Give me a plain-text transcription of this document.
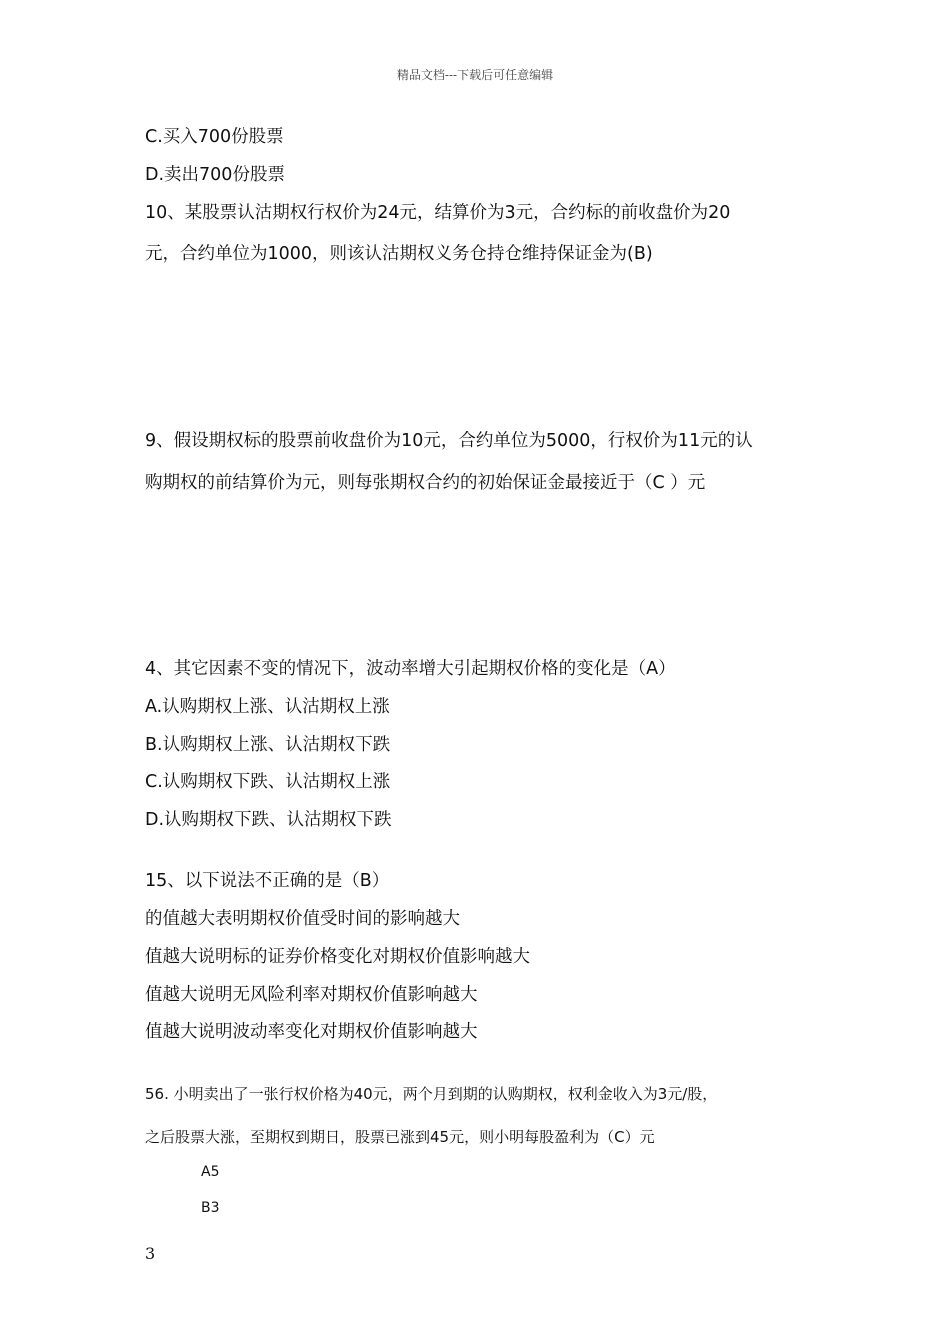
精品文档---下载后可任意编辑
C.买入700份股票
D.卖出700份股票
10、某股票认沽期权行权价为24元，结算价为3元，合约标的前收盘价为20
元，合约单位为1000，则该认沽期权义务仓持仓维持保证金为(B)
9、假设期权标的股票前收盘价为10元，合约单位为5000，行权价为11元的认
购期权的前结算价为元，则每张期权合约的初始保证金最接近于（C ）元
4、其它因素不变的情况下，波动率增大引起期权价格的变化是（A）
A.认购期权上涨、认沽期权上涨
B.认购期权上涨、认沽期权下跌
C.认购期权下跌、认沽期权上涨
D.认购期权下跌、认沽期权下跌
15、以下说法不正确的是（B）
的值越大表明期权价值受时间的影响越大
值越大说明标的证券价格变化对期权价值影响越大
值越大说明无风险利率对期权价值影响越大
值越大说明波动率变化对期权价值影响越大
56. 小明卖出了一张行权价格为40元，两个月到期的认购期权，权利金收入为3元/股，
之后股票大涨，至期权到期日，股票已涨到45元，则小明每股盈利为（C）元
A5
B3
3
